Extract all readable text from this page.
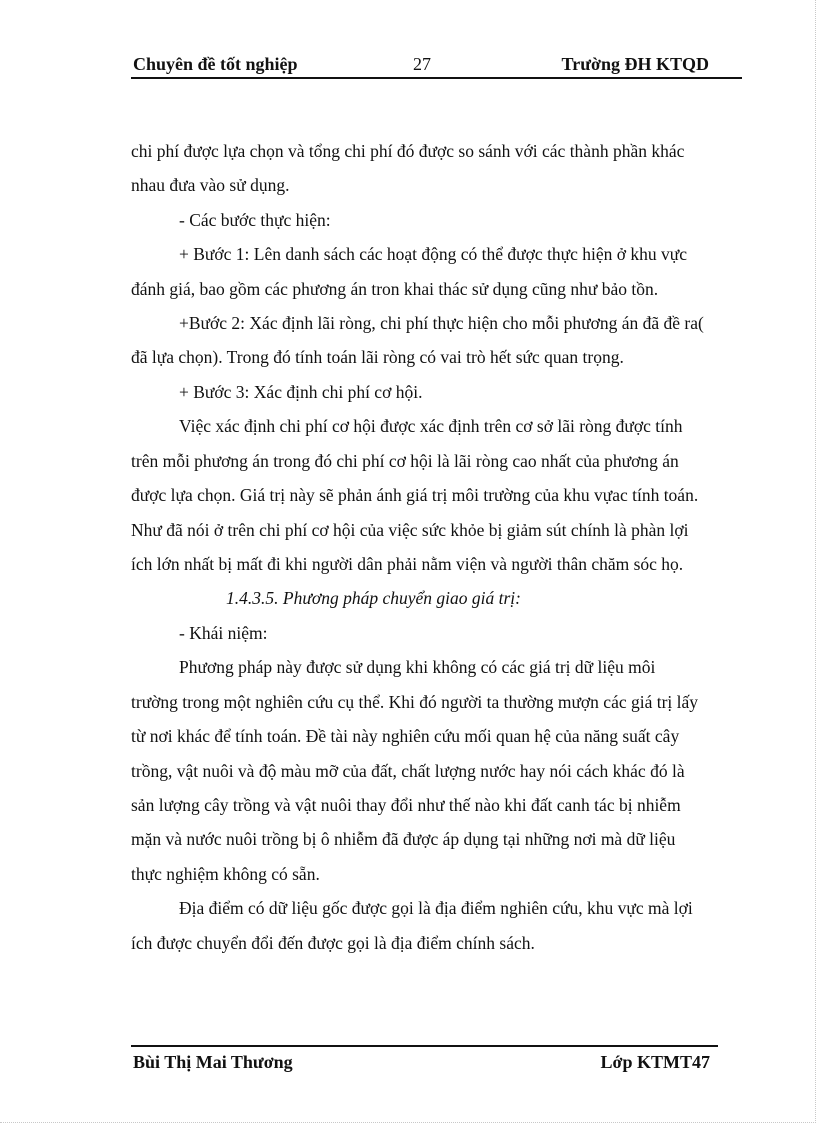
Chuyên đề tốt nghiệp	27	Trường ĐH KTQD
chi phí được lựa chọn và tổng chi phí đó được so sánh với các thành phần khác
nhau đưa vào sử dụng.
- Các bước thực hiện:
+ Bước 1: Lên danh sách các hoạt động có thể được thực hiện ở khu vực
đánh giá, bao gồm các phương án tron khai thác sử dụng cũng như bảo tồn.
+Bước 2: Xác định lãi ròng, chi phí thực hiện cho mỗi phương án đã đề ra(
đã lựa chọn). Trong đó tính toán lãi ròng có vai trò hết sức quan trọng.
+ Bước 3: Xác định chi phí cơ hội.
Việc xác định chi phí cơ hội được xác định trên cơ sở lãi ròng được tính
trên mỗi phương án trong đó chi phí cơ hội là lãi ròng cao nhất của phương án
được lựa chọn. Giá trị này sẽ phản ánh giá trị môi trường của khu vựac tính toán.
Như đã nói ở trên chi phí cơ hội của việc sức khỏe bị giảm sút chính là phàn lợi
ích lớn nhất bị mất đi khi người dân phải nằm viện và người thân chăm sóc họ.
1.4.3.5. Phương pháp chuyển giao giá trị:
- Khái niệm:
Phương pháp này được sử dụng khi không có các giá trị dữ liệu môi
trường trong một nghiên cứu cụ thể. Khi đó người ta thường mượn các giá trị lấy
từ nơi khác để tính toán. Đề tài này nghiên cứu mối quan hệ của năng suất cây
trồng, vật nuôi và độ màu mỡ của đất, chất lượng nước hay nói cách khác đó là
sản lượng cây trồng và vật nuôi thay đổi như thế nào khi đất canh tác bị nhiễm
mặn và nước nuôi trồng bị ô nhiễm đã được áp dụng tại những nơi mà dữ liệu
thực nghiệm không có sẵn.
Địa điểm có dữ liệu gốc được gọi là địa điểm nghiên cứu, khu vực mà lợi
ích được chuyển đổi đến được gọi là địa điểm chính sách.
Bùi Thị Mai Thương	Lớp KTMT47
